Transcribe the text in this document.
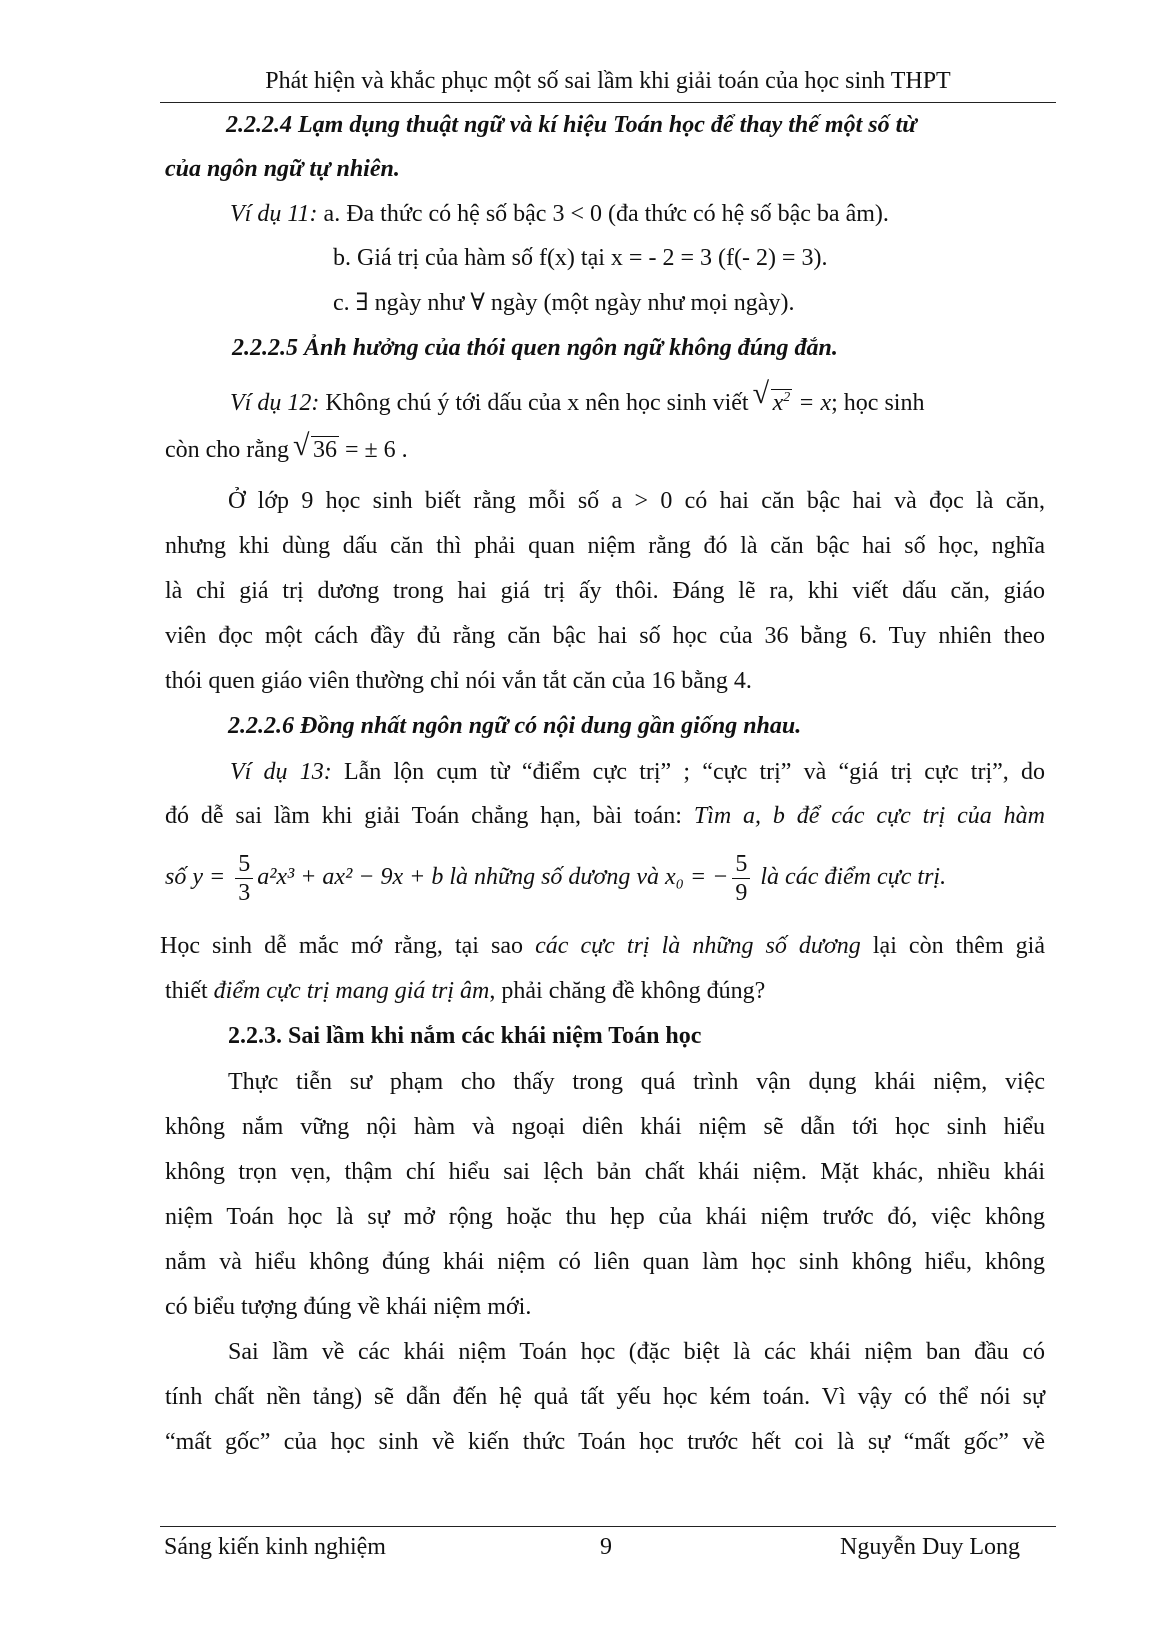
Phát hiện và khắc phục một số sai lầm khi giải toán của học sinh THPT
2.2.2.4 Lạm dụng thuật ngữ và kí hiệu Toán học để thay thế một số từ
của ngôn ngữ tự nhiên.
Ví dụ 11: a. Đa thức có hệ số bậc 3 < 0 (đa thức có hệ số bậc ba âm).
b. Giá trị của hàm số f(x) tại x = - 2 = 3 (f(- 2) = 3).
c. ∃ ngày như ∀ ngày (một ngày như mọi ngày).
2.2.2.5 Ảnh hưởng của thói quen ngôn ngữ không đúng đắn.
Ví dụ 12: Không chú ý tới dấu của x nên học sinh viết √ $x^2 = x$; học sinh
còn cho rằng √ 36 = ± 6 .
Ở lớp 9 học sinh biết rằng mỗi số a > 0 có hai căn bậc hai và đọc là căn,
nhưng khi dùng dấu căn thì phải quan niệm rằng đó là căn bậc hai số học, nghĩa
là chỉ giá trị dương trong hai giá trị ấy thôi. Đáng lẽ ra, khi viết dấu căn, giáo
viên đọc một cách đầy đủ rằng căn bậc hai số học của 36 bằng 6. Tuy nhiên theo
thói quen giáo viên thường chỉ nói vắn tắt căn của 16 bằng 4.
2.2.2.6 Đồng nhất ngôn ngữ có nội dung gần giống nhau.
Ví dụ 13: Lẫn lộn cụm từ “điểm cực trị” ; “cực trị” và “giá trị cực trị”, do
đó dễ sai lầm khi giải Toán chẳng hạn, bài toán: Tìm a, b để các cực trị của hàm
số $y = \frac{5}{3} a^2x^3 + ax^2 - 9x + b$ là những số dương và x₀ = − $\frac{5}{9}$ là các điểm cực trị.
Học sinh dễ mắc mớ rằng, tại sao các cực trị là những số dương lại còn thêm giả
thiết điểm cực trị mang giá trị âm, phải chăng đề không đúng?
2.2.3. Sai lầm khi nắm các khái niệm Toán học
Thực tiễn sư phạm cho thấy trong quá trình vận dụng khái niệm, việc
không nắm vững nội hàm và ngoại diên khái niệm sẽ dẫn tới học sinh hiểu
không trọn vẹn, thậm chí hiểu sai lệch bản chất khái niệm. Mặt khác, nhiều khái
niệm Toán học là sự mở rộng hoặc thu hẹp của khái niệm trước đó, việc không
nắm và hiểu không đúng khái niệm có liên quan làm học sinh không hiểu, không
có biểu tượng đúng về khái niệm mới.
Sai lầm về các khái niệm Toán học (đặc biệt là các khái niệm ban đầu có
tính chất nền tảng) sẽ dẫn đến hệ quả tất yếu học kém toán. Vì vậy có thể nói sự
“mất gốc” của học sinh về kiến thức Toán học trước hết coi là sự “mất gốc” về
Sáng kiến kinh nghiệm	9	Nguyễn Duy Long
